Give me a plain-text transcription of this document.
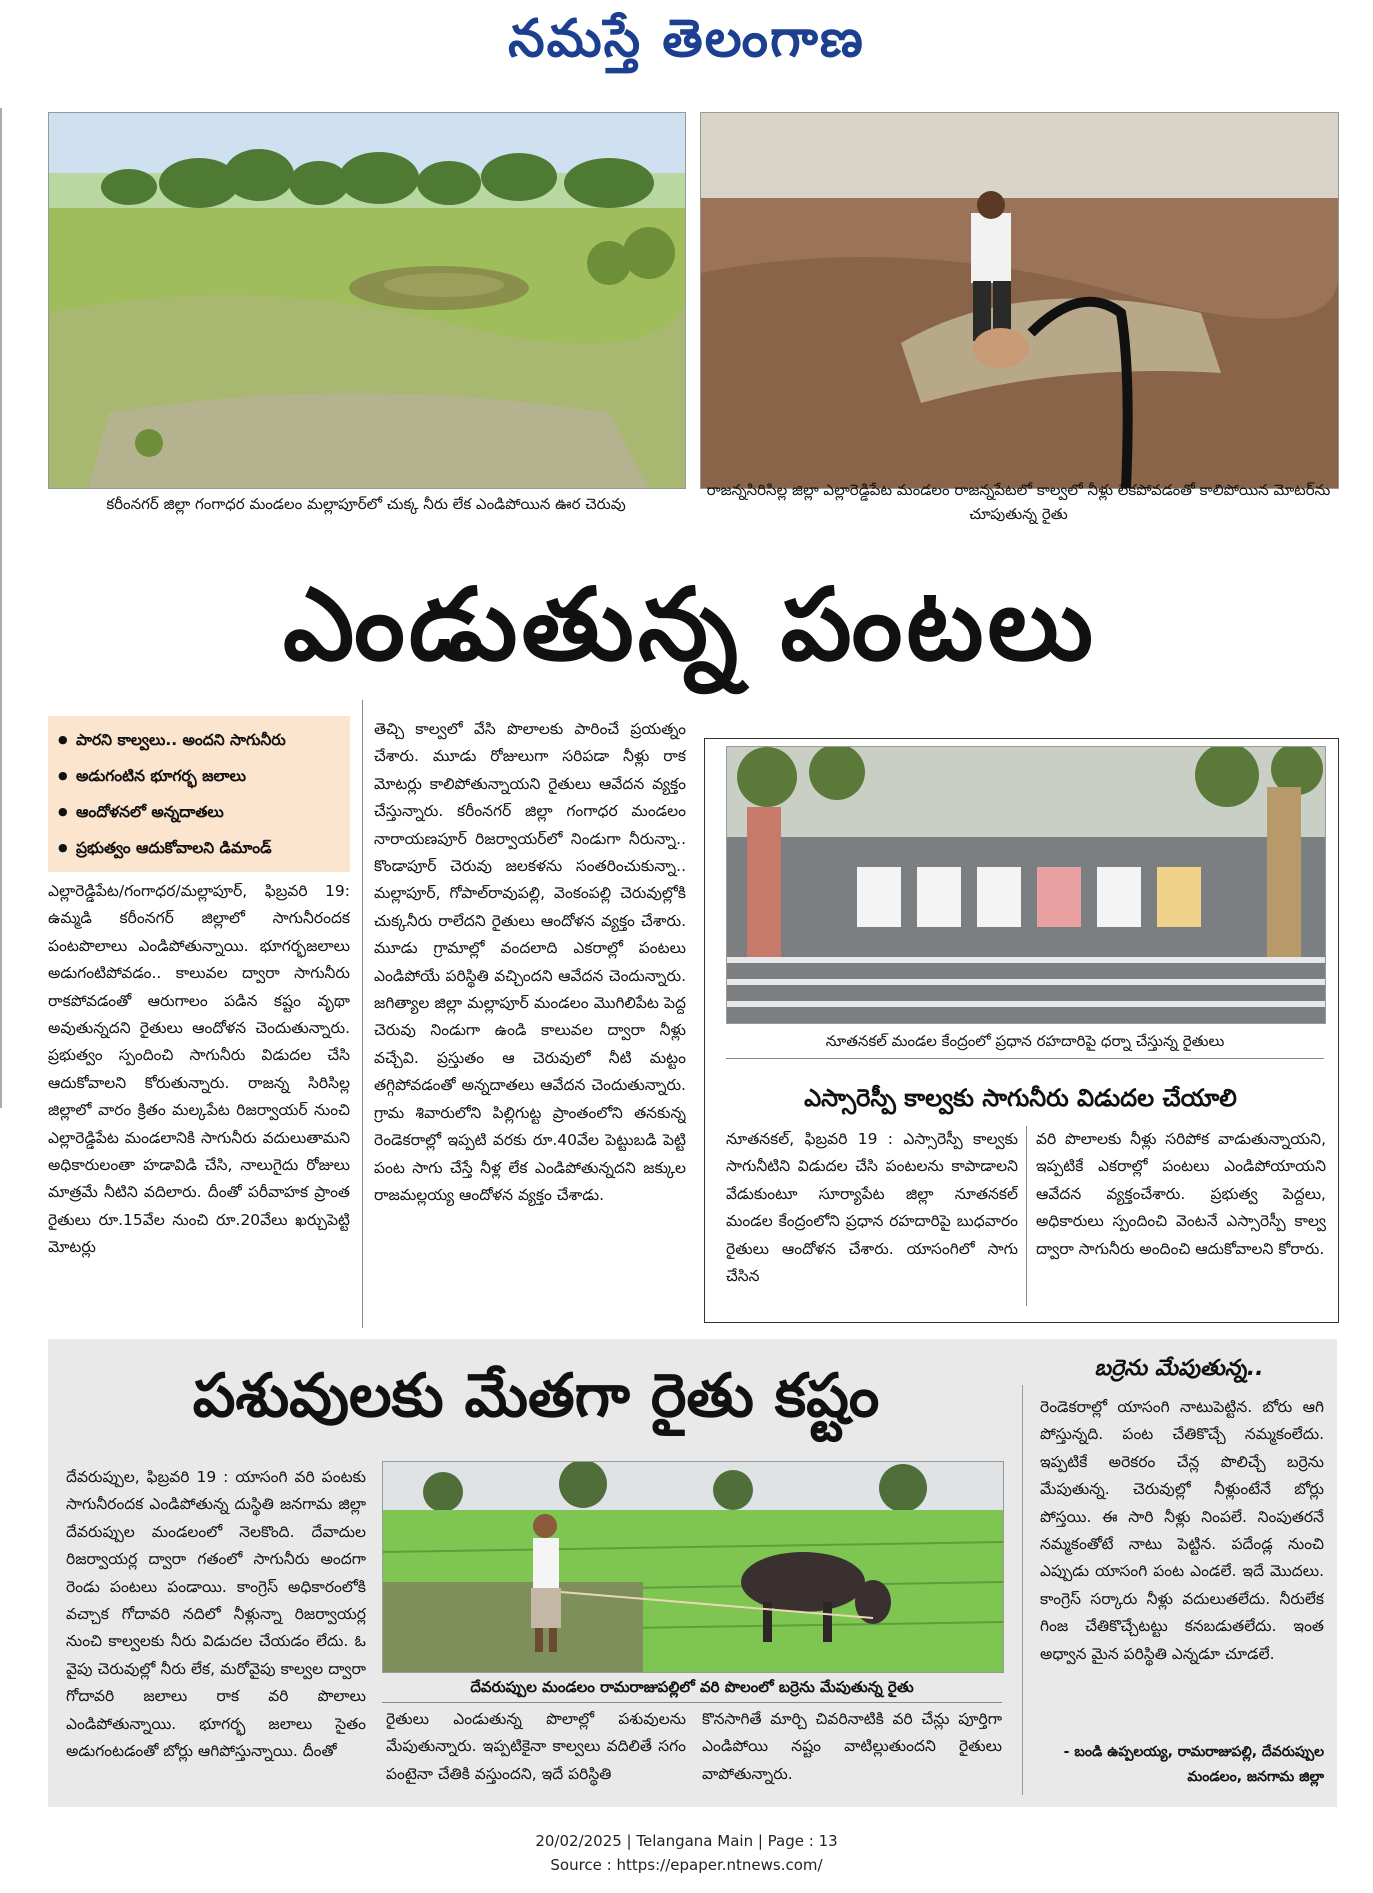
నమస్తే తెలంగాణ
కరీంనగర్ జిల్లా గంగాధర మండలం మల్లాపూర్‌లో చుక్క నీరు లేక ఎండిపోయిన ఊర చెరువు
రాజన్నసిరిసిల్ల జిల్లా ఎల్లారెడ్డిపేట మండలం రాజన్నపేటలో కాల్వలో నీళ్లు లేకపోవడంతో కాలిపోయిన మోటర్‌ను చూపుతున్న రైతు
ఎండుతున్న పంటలు
● పారని కాల్వలు.. అందని సాగునీరు
● అడుగంటిన భూగర్భ జలాలు
● ఆందోళనలో అన్నదాతలు
● ప్రభుత్వం ఆదుకోవాలని డిమాండ్

ఎల్లారెడ్డిపేట/గంగాధర/మల్లాపూర్, ఫిబ్రవరి 19: ఉమ్మడి కరీంనగర్ జిల్లాలో సాగునీరందక పంటపొలాలు ఎండిపోతున్నాయి. భూగర్భజలాలు అడుగంటిపోవడం.. కాలువల ద్వారా సాగునీరు రాకపోవడంతో ఆరుగాలం పడిన కష్టం వృథా అవుతున్నదని రైతులు ఆందోళన చెందుతున్నారు. ప్రభుత్వం స్పందించి సాగునీరు విడుదల చేసి ఆదుకోవాలని కోరుతున్నారు. రాజన్న సిరిసిల్ల జిల్లాలో వారం క్రితం మల్కపేట రిజర్వాయర్ నుంచి ఎల్లారెడ్డిపేట మండలానికి సాగునీరు వదులుతామని అధికారులంతా హడావిడి చేసి, నాలుగైదు రోజులు మాత్రమే నీటిని వదిలారు. దీంతో పరీవాహక ప్రాంత రైతులు రూ.15వేల నుంచి రూ.20వేలు ఖర్చుపెట్టి మోటర్లు

తెచ్చి కాల్వలో వేసి పొలాలకు పారించే ప్రయత్నం చేశారు. మూడు రోజులుగా సరిపడా నీళ్లు రాక మోటర్లు కాలిపోతున్నాయని రైతులు ఆవేదన వ్యక్తం చేస్తున్నారు. కరీంనగర్ జిల్లా గంగాధర మండలం నారాయణపూర్ రిజర్వాయర్‌లో నిండుగా నీరున్నా.. కొండాపూర్ చెరువు జలకళను సంతరించుకున్నా.. మల్లాపూర్, గోపాల్‌రావుపల్లి, వెంకంపల్లి చెరువుల్లోకి చుక్కనీరు రాలేదని రైతులు ఆందోళన వ్యక్తం చేశారు. మూడు గ్రామాల్లో వందలాది ఎకరాల్లో పంటలు ఎండిపోయే పరిస్థితి వచ్చిందని ఆవేదన చెందున్నారు. జగిత్యాల జిల్లా మల్లాపూర్ మండలం మొగిలిపేట పెద్ద చెరువు నిండుగా ఉండి కాలువల ద్వారా నీళ్లు వచ్చేవి. ప్రస్తుతం ఆ చెరువులో నీటి మట్టం తగ్గిపోవడంతో అన్నదాతలు ఆవేదన చెందుతున్నారు. గ్రామ శివారులోని పిల్లిగుట్ట ప్రాంతంలోని తనకున్న రెండెకరాల్లో ఇప్పటి వరకు రూ.40వేల పెట్టుబడి పెట్టి పంట సాగు చేస్తే నీళ్ల లేక ఎండిపోతున్నదని జక్కుల రాజమల్లయ్య ఆందోళన వ్యక్తం చేశాడు.

నూతనకల్ మండల కేంద్రంలో ప్రధాన రహదారిపై ధర్నా చేస్తున్న రైతులు
ఎస్సారెస్పీ కాల్వకు సాగునీరు విడుదల చేయాలి

నూతనకల్, ఫిబ్రవరి 19 : ఎస్సారెస్పీ కాల్వకు సాగునీటిని విడుదల చేసి పంటలను కాపాడాలని వేడుకుంటూ సూర్యాపేట జిల్లా నూతనకల్ మండల కేంద్రంలోని ప్రధాన రహదారిపై బుధవారం రైతులు ఆందోళన చేశారు. యాసంగిలో సాగు చేసిన

వరి పొలాలకు నీళ్లు సరిపోక వాడుతున్నాయని, ఇప్పటికే ఎకరాల్లో పంటలు ఎండిపోయాయని ఆవేదన వ్యక్తంచేశారు. ప్రభుత్వ పెద్దలు, అధికారులు స్పందించి వెంటనే ఎస్సారెస్పీ కాల్వ ద్వారా సాగునీరు అందించి ఆదుకోవాలని కోరారు.

పశువులకు మేతగా రైతు కష్టం

దేవరుప్పుల, ఫిబ్రవరి 19 : యాసంగి వరి పంటకు సాగునీరందక ఎండిపోతున్న దుస్థితి జనగామ జిల్లా దేవరుప్పుల మండలంలో నెలకొంది. దేవాదుల రిజర్వాయర్ల ద్వారా గతంలో సాగునీరు అందగా రెండు పంటలు పండాయి. కాంగ్రెస్ అధికారంలోకి వచ్చాక గోదావరి నదిలో నీళ్లున్నా రిజర్వాయర్ల నుంచి కాల్వలకు నీరు విడుదల చేయడం లేదు. ఓ వైపు చెరువుల్లో నీరు లేక, మరోవైపు కాల్వల ద్వారా గోదావరి జలాలు రాక వరి పొలాలు ఎండిపోతున్నాయి. భూగర్భ జలాలు సైతం అడుగంటడంతో బోర్లు ఆగిపోస్తున్నాయి. దీంతో

దేవరుప్పుల మండలం రామరాజుపల్లిలో వరి పొలంలో బర్రెను మేపుతున్న రైతు

రైతులు ఎండుతున్న పొలాల్లో పశువులను మేపుతున్నారు. ఇప్పటికైనా కాల్వలు వదిలితే సగం పంటైనా చేతికి వస్తుందని, ఇదే పరిస్థితి

కొనసాగితే మార్చి చివరినాటికి వరి చేన్లు పూర్తిగా ఎండిపోయి నష్టం వాటిల్లుతుందని రైతులు వాపోతున్నారు.

బర్రెను మేపుతున్న..

రెండెకరాల్లో యాసంగి నాటుపెట్టిన. బోరు ఆగి పోస్తున్నది. పంట చేతికొచ్చే నమ్మకంలేదు. ఇప్పటికే అరెకరం చేన్ల పొలిచ్చే బర్రెను మేపుతున్న. చెరువుల్లో నీళ్లుంటేనే బోర్లు పోస్తయి. ఈ సారి నీళ్లు నింపలే. నింపుతరనే నమ్మకంతోటే నాటు పెట్టిన. పదేండ్ల నుంచి ఎప్పుడు యాసంగి పంట ఎండలే. ఇదే మొదలు. కాంగ్రెస్ సర్కారు నీళ్లు వదులుతలేదు. నీరులేక గింజ చేతికొచ్చేటట్టు కనబడుతలేదు. ఇంత అధ్వాన మైన పరిస్థితి ఎన్నడూ చూడలే.

- బండి ఉప్పలయ్య, రామరాజుపల్లి, దేవరుప్పుల మండలం, జనగామ జిల్లా
20/02/2025 | Telangana Main | Page : 13
Source : https://epaper.ntnews.com/
